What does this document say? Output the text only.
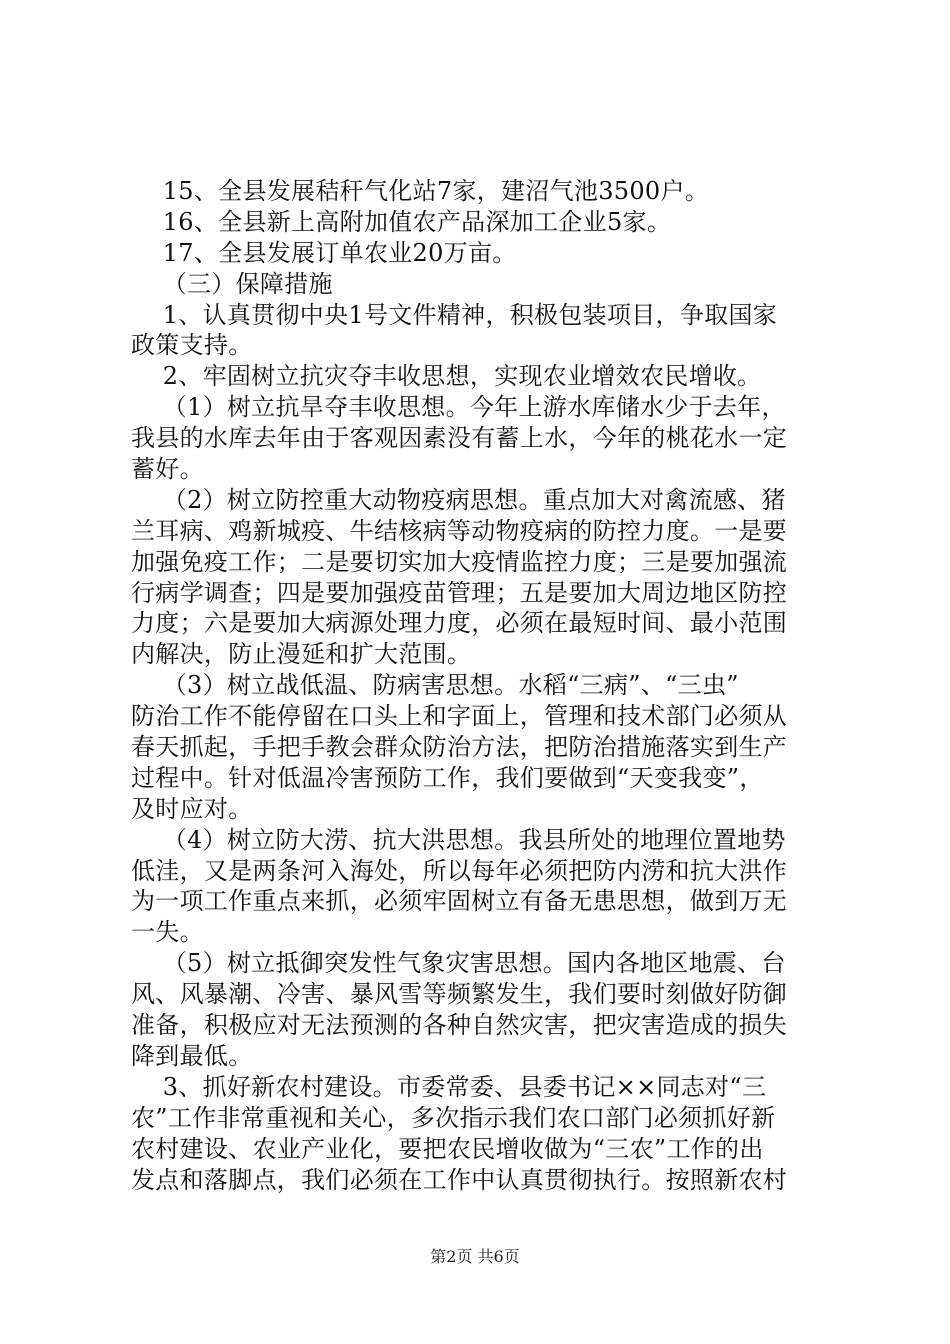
15、全县发展秸秆气化站7家，建沼气池3500户。
16、全县新上高附加值农产品深加工企业5家。
17、全县发展订单农业20万亩。
（三）保障措施
1、认真贯彻中央1号文件精神，积极包装项目，争取国家
政策支持。
2、牢固树立抗灾夺丰收思想，实现农业增效农民增收。
（1）树立抗旱夺丰收思想。今年上游水库储水少于去年，
我县的水库去年由于客观因素没有蓄上水，今年的桃花水一定
蓄好。
（2）树立防控重大动物疫病思想。重点加大对禽流感、猪
兰耳病、鸡新城疫、牛结核病等动物疫病的防控力度。一是要
加强免疫工作；二是要切实加大疫情监控力度；三是要加强流
行病学调查；四是要加强疫苗管理；五是要加大周边地区防控
力度；六是要加大病源处理力度，必须在最短时间、最小范围
内解决，防止漫延和扩大范围。
（3）树立战低温、防病害思想。水稻“三病”、“三虫”
防治工作不能停留在口头上和字面上，管理和技术部门必须从
春天抓起，手把手教会群众防治方法，把防治措施落实到生产
过程中。针对低温冷害预防工作，我们要做到“天变我变”，
及时应对。
（4）树立防大涝、抗大洪思想。我县所处的地理位置地势
低洼，又是两条河入海处，所以每年必须把防内涝和抗大洪作
为一项工作重点来抓，必须牢固树立有备无患思想，做到万无
一失。
（5）树立抵御突发性气象灾害思想。国内各地区地震、台
风、风暴潮、冷害、暴风雪等频繁发生，我们要时刻做好防御
准备，积极应对无法预测的各种自然灾害，把灾害造成的损失
降到最低。
3、抓好新农村建设。市委常委、县委书记××同志对“三
农”工作非常重视和关心，多次指示我们农口部门必须抓好新
农村建设、农业产业化，要把农民增收做为“三农”工作的出
发点和落脚点，我们必须在工作中认真贯彻执行。按照新农村
第2页 共6页
